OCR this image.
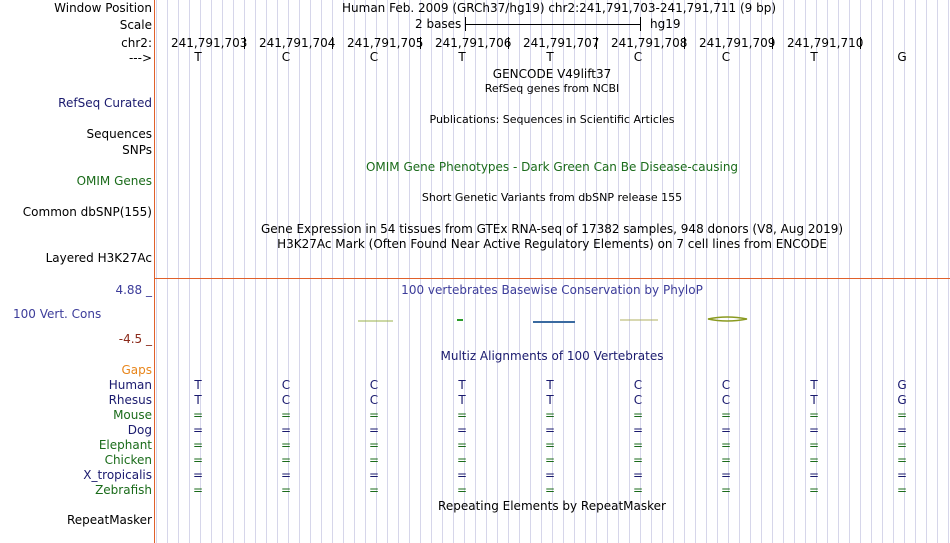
Window Position	Human Feb. 2009 (GRCh37/hg19) chr2:241,791,703-241,791,711 (9 bp)
Scale	2 bases	hg19
chr2: 241,791,703 241,791,704 241,791,705 241,791,706 241,791,707 241,791,708 241,791,709 241,791,710
--->	T	C	C	T	T	C	C	T	G
GENCODE V49lift37
RefSeq genes from NCBI
RefSeq Curated
Publications: Sequences in Scientific Articles
Sequences
SNPs
OMIM Gene Phenotypes - Dark Green Can Be Disease-causing
OMIM Genes
Short Genetic Variants from dbSNP release 155
Common dbSNP(155)
Gene Expression in 54 tissues from GTEx RNA-seq of 17382 samples, 948 donors (V8, Aug 2019)
H3K27Ac Mark (Often Found Near Active Regulatory Elements) on 7 cell lines from ENCODE
Layered H3K27Ac
4.88 _	100 vertebrates Basewise Conservation by PhyloP
100 Vert. Cons
-4.5 _
Multiz Alignments of 100 Vertebrates
Gaps
Human	T	C	C	T	T	C	C	T	G
Rhesus	T	C	C	T	T	C	C	T	G
Mouse	=	=	=	=	=	=	=	=	=
Dog	=	=	=	=	=	=	=	=	=
Elephant	=	=	=	=	=	=	=	=	=
Chicken	=	=	=	=	=	=	=	=	=
X_tropicalis	=	=	=	=	=	=	=	=	=
Zebrafish	=	=	=	=	=	=	=	=	=
Repeating Elements by RepeatMasker
RepeatMasker
